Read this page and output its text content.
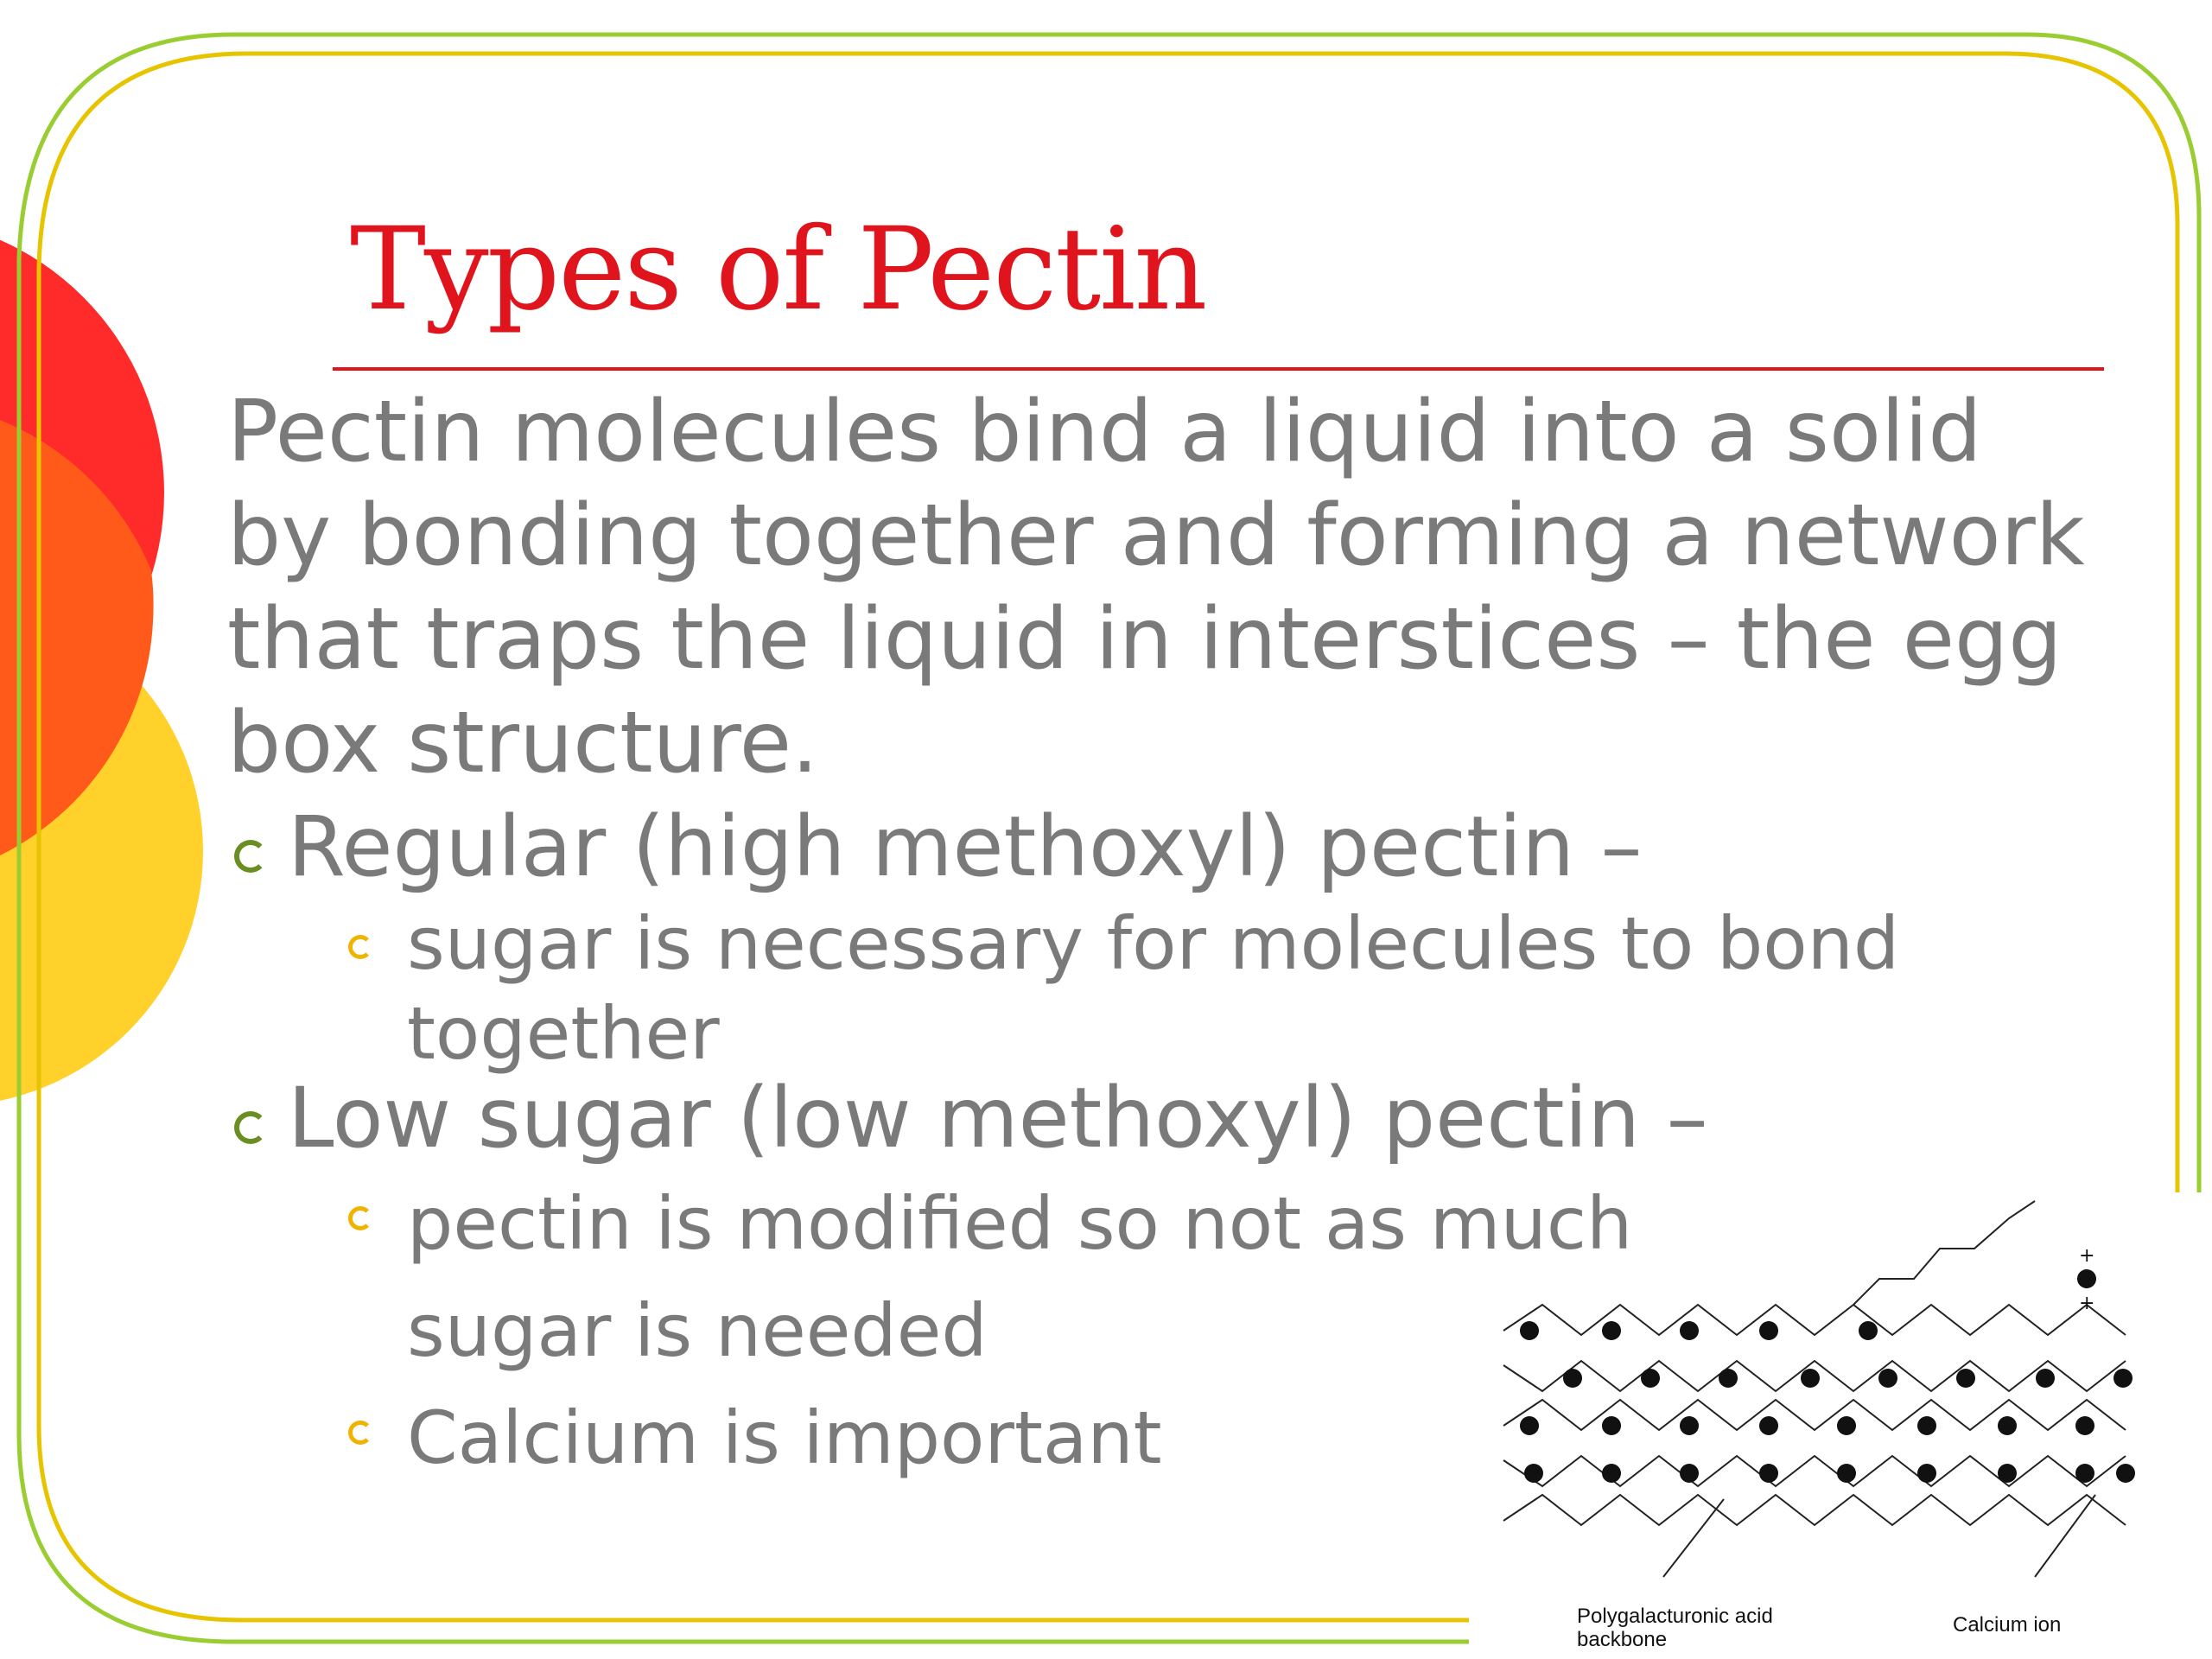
Types of Pectin

Pectin molecules bind a liquid into a solid by bonding together and forming a network that traps the liquid in interstices – the egg box structure.

Regular (high methoxyl) pectin –
sugar is necessary for molecules to bond together
Low sugar (low methoxyl) pectin –
pectin is modified so not as much sugar is needed
Calcium is important
+
+
Polygalacturonic acid backbone
Calcium ion
